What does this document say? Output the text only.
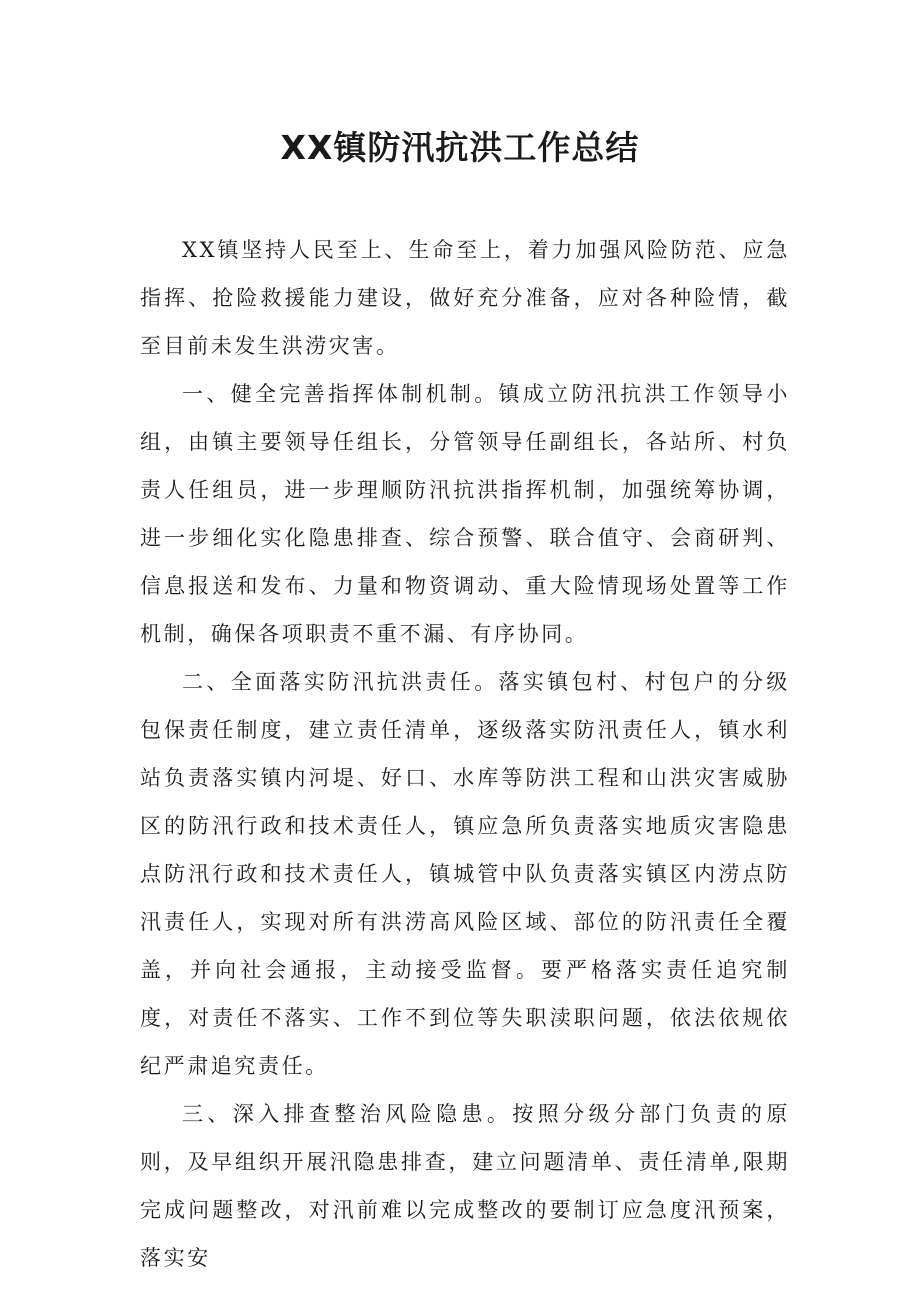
XX镇防汛抗洪工作总结

XX镇坚持人民至上、生命至上，着力加强风险防范、应急指挥、抢险救援能力建设，做好充分准备，应对各种险情，截至目前未发生洪涝灾害。

一、健全完善指挥体制机制。镇成立防汛抗洪工作领导小组，由镇主要领导任组长，分管领导任副组长，各站所、村负责人任组员，进一步理顺防汛抗洪指挥机制，加强统筹协调，进一步细化实化隐患排查、综合预警、联合值守、会商研判、信息报送和发布、力量和物资调动、重大险情现场处置等工作机制，确保各项职责不重不漏、有序协同。

二、全面落实防汛抗洪责任。落实镇包村、村包户的分级包保责任制度，建立责任清单，逐级落实防汛责任人，镇水利站负责落实镇内河堤、好口、水库等防洪工程和山洪灾害威胁区的防汛行政和技术责任人，镇应急所负责落实地质灾害隐患点防汛行政和技术责任人，镇城管中队负责落实镇区内涝点防汛责任人，实现对所有洪涝高风险区域、部位的防汛责任全覆盖，并向社会通报，主动接受监督。要严格落实责任追究制度，对责任不落实、工作不到位等失职渎职问题，依法依规依纪严肃追究责任。

三、深入排查整治风险隐患。按照分级分部门负责的原则，及早组织开展汛隐患排查，建立问题清单、责任清单,限期完成问题整改，对汛前难以完成整改的要制订应急度汛预案，落实安
